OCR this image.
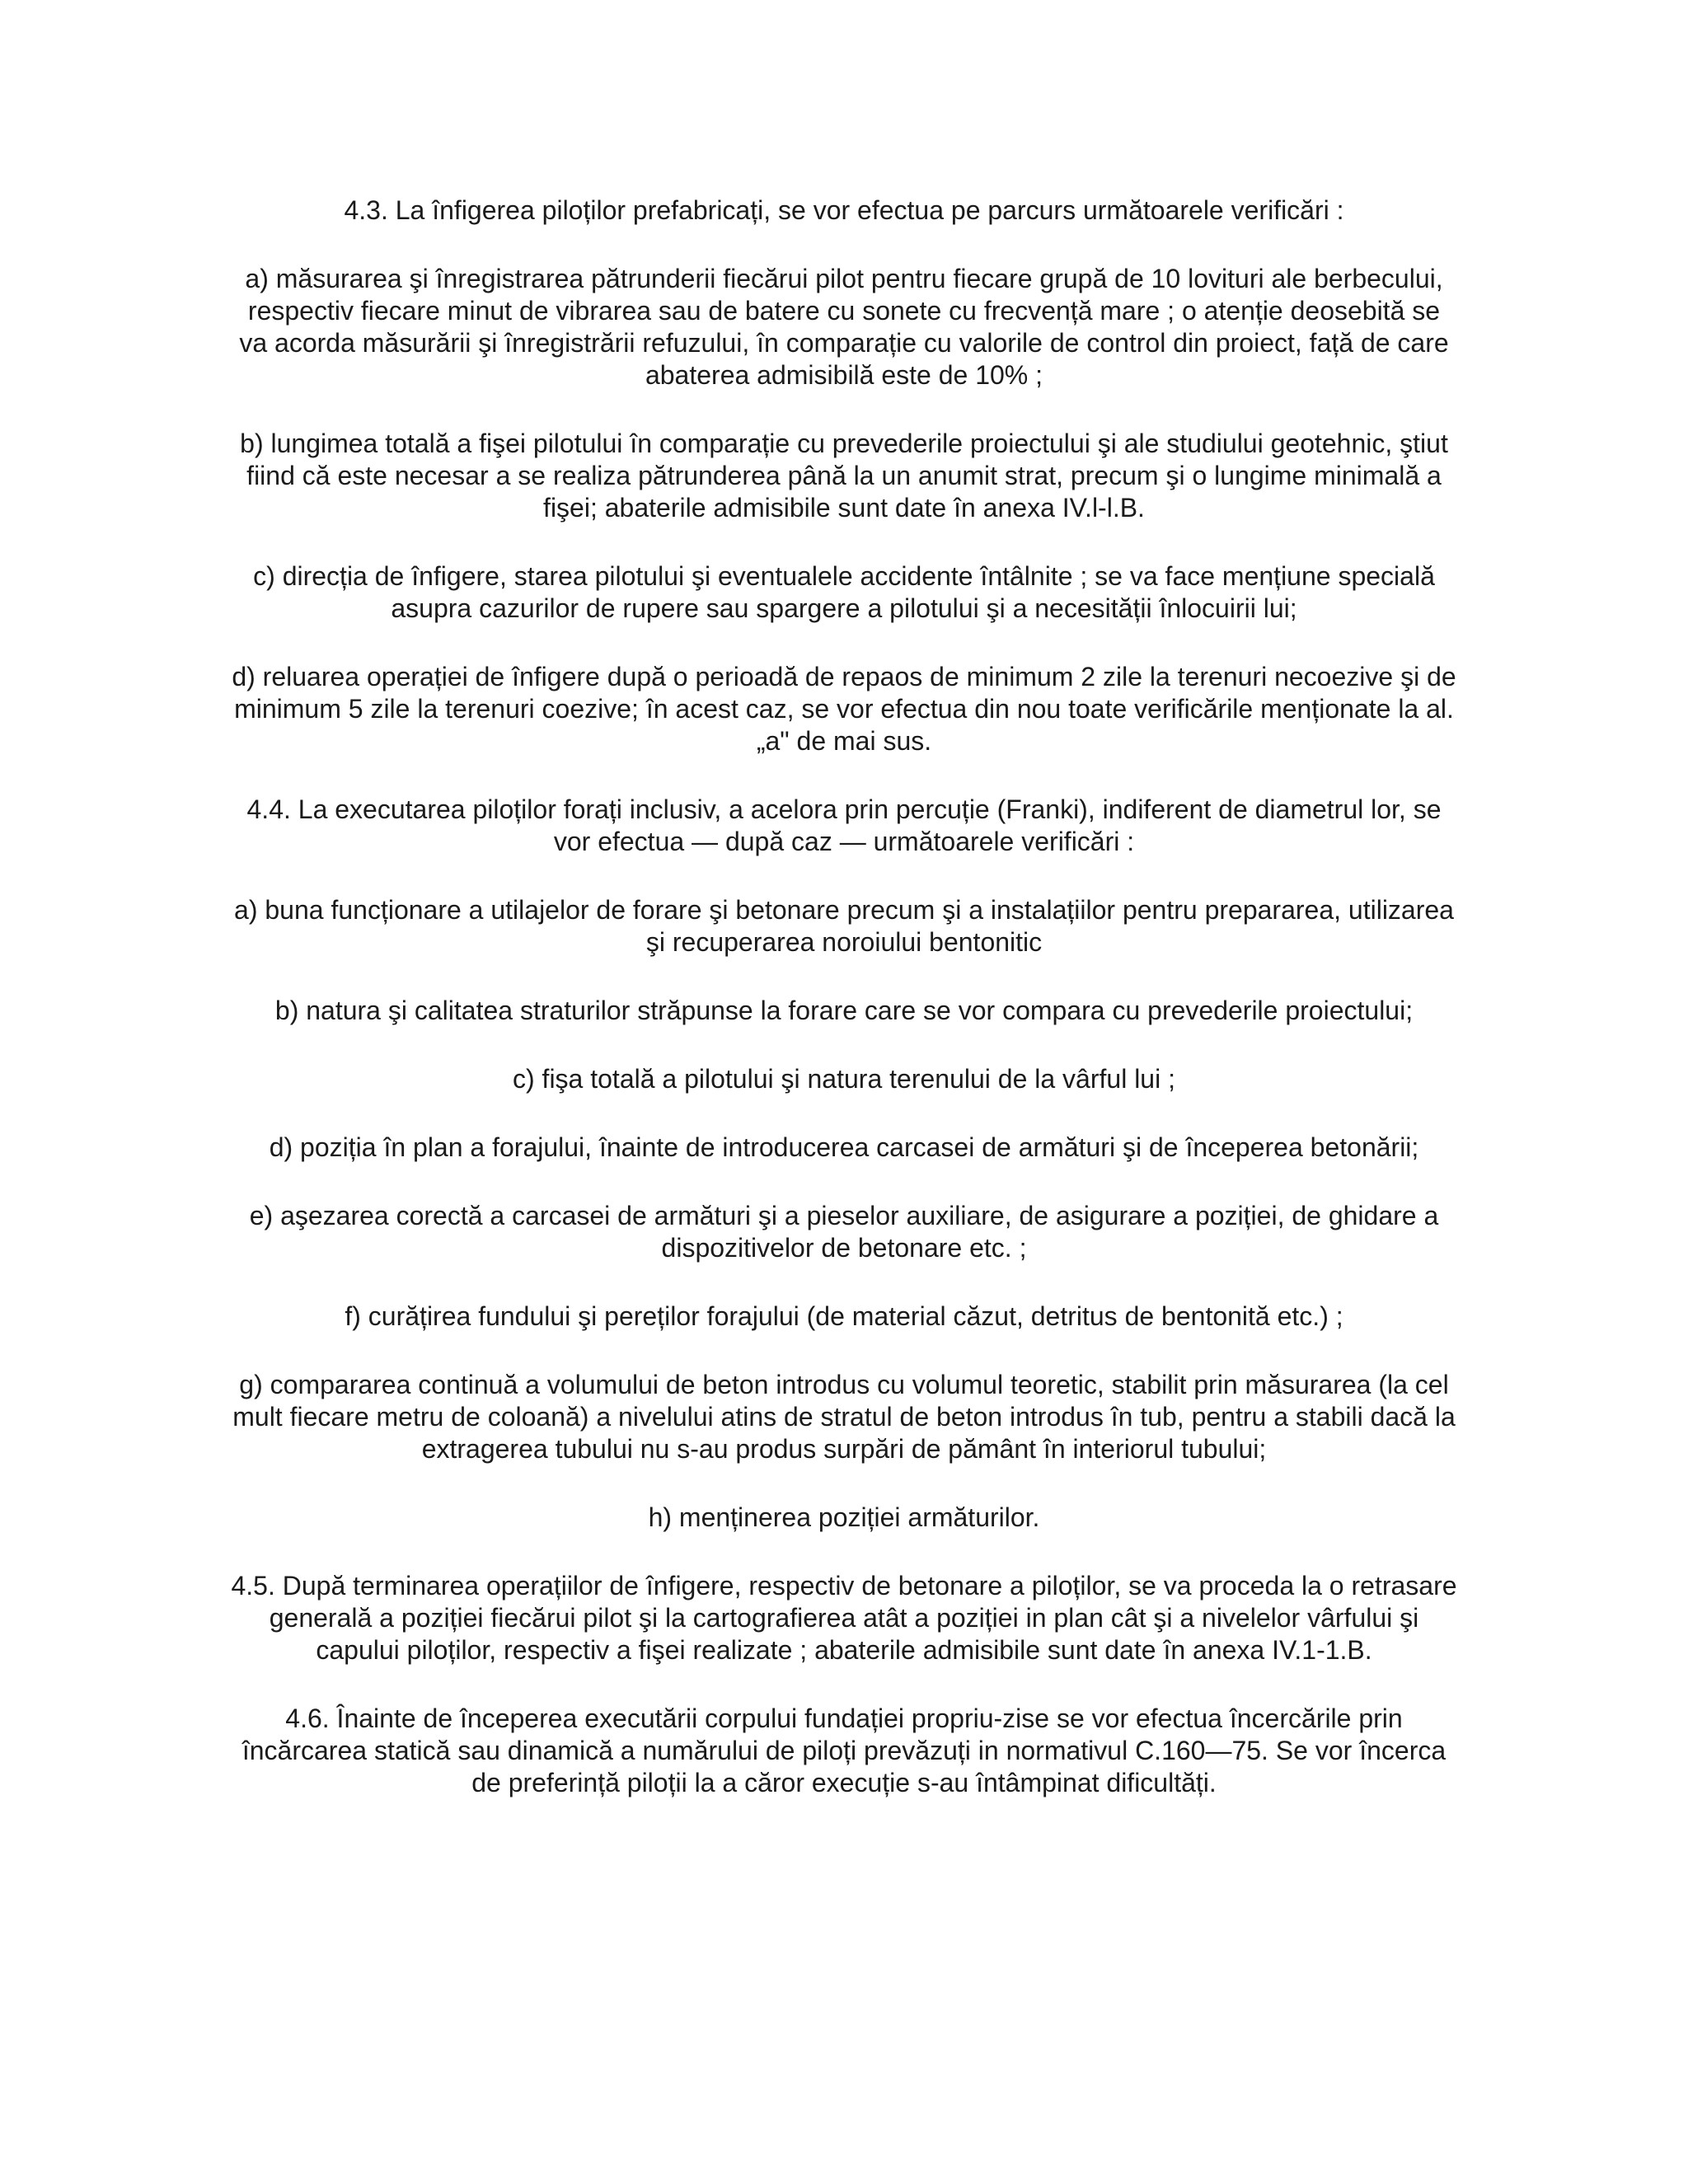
4.3. La înfigerea piloților prefabricați, se vor efectua pe parcurs următoarele verificări :

a) măsurarea şi înregistrarea pătrunderii fiecărui pilot pentru fiecare grupă de 10 lovituri ale berbecului, respectiv fiecare minut de vibrarea sau de batere cu sonete cu frecvență mare ; o atenție deosebită se va acorda măsurării şi înregistrării refuzului, în comparație cu valorile de control din proiect, față de care abaterea admisibilă este de 10% ;

b) lungimea totală a fişei pilotului în comparație cu prevederile proiectului şi ale studiului geotehnic, ştiut fiind că este necesar a se realiza pătrunderea până la un anumit strat, precum şi o lungime minimală a fişei; abaterile admisibile sunt date în anexa IV.l-l.B.

c) direcția de înfigere, starea pilotului şi eventualele accidente întâlnite ; se va face mențiune specială asupra cazurilor de rupere sau spargere a pilotului şi a necesității înlocuirii lui;

d) reluarea operației de înfigere după o perioadă de repaos de minimum 2 zile la terenuri necoezive şi de minimum 5 zile la terenuri coezive; în acest caz, se vor efectua din nou toate verificările menționate la al. „a" de mai sus.

4.4. La executarea piloților forați inclusiv, a acelora prin percuție (Franki), indiferent de diametrul lor, se vor efectua — după caz — următoarele verificări :

a) buna funcționare a utilajelor de forare şi betonare precum şi a instalațiilor pentru prepararea, utilizarea şi recuperarea noroiului bentonitic

b) natura şi calitatea straturilor străpunse la forare care se vor compara cu prevederile proiectului;

c) fişa totală a pilotului şi natura terenului de la vârful lui ;

d) poziția în plan a forajului, înainte de introducerea carcasei de armături şi de începerea betonării;

e) aşezarea corectă a carcasei de armături şi a pieselor auxiliare, de asigurare a poziției, de ghidare a dispozitivelor de betonare etc. ;

f) curățirea fundului şi pereților forajului (de material căzut, detritus de bentonită etc.) ;

g) compararea continuă a volumului de beton introdus cu volumul teoretic, stabilit prin măsurarea (la cel mult fiecare metru de coloană) a nivelului atins de stratul de beton introdus în tub, pentru a stabili dacă la extragerea tubului nu s-au produs surpări de pământ în interiorul tubului;

h) menținerea poziției armăturilor.

4.5. După terminarea operațiilor de înfigere, respectiv de betonare a piloților, se va proceda la o retrasare generală a poziției fiecărui pilot şi la cartografierea atât a poziției in plan cât şi a nivelelor vârfului şi capului piloților, respectiv a fişei realizate ; abaterile admisibile sunt date în anexa IV.1-1.B.

4.6. Înainte de începerea executării corpului fundației propriu-zise se vor efectua încercările prin încărcarea statică sau dinamică a numărului de piloți prevăzuți in normativul C.160—75. Se vor încerca de preferință piloții la a căror execuție s-au întâmpinat dificultăți.
